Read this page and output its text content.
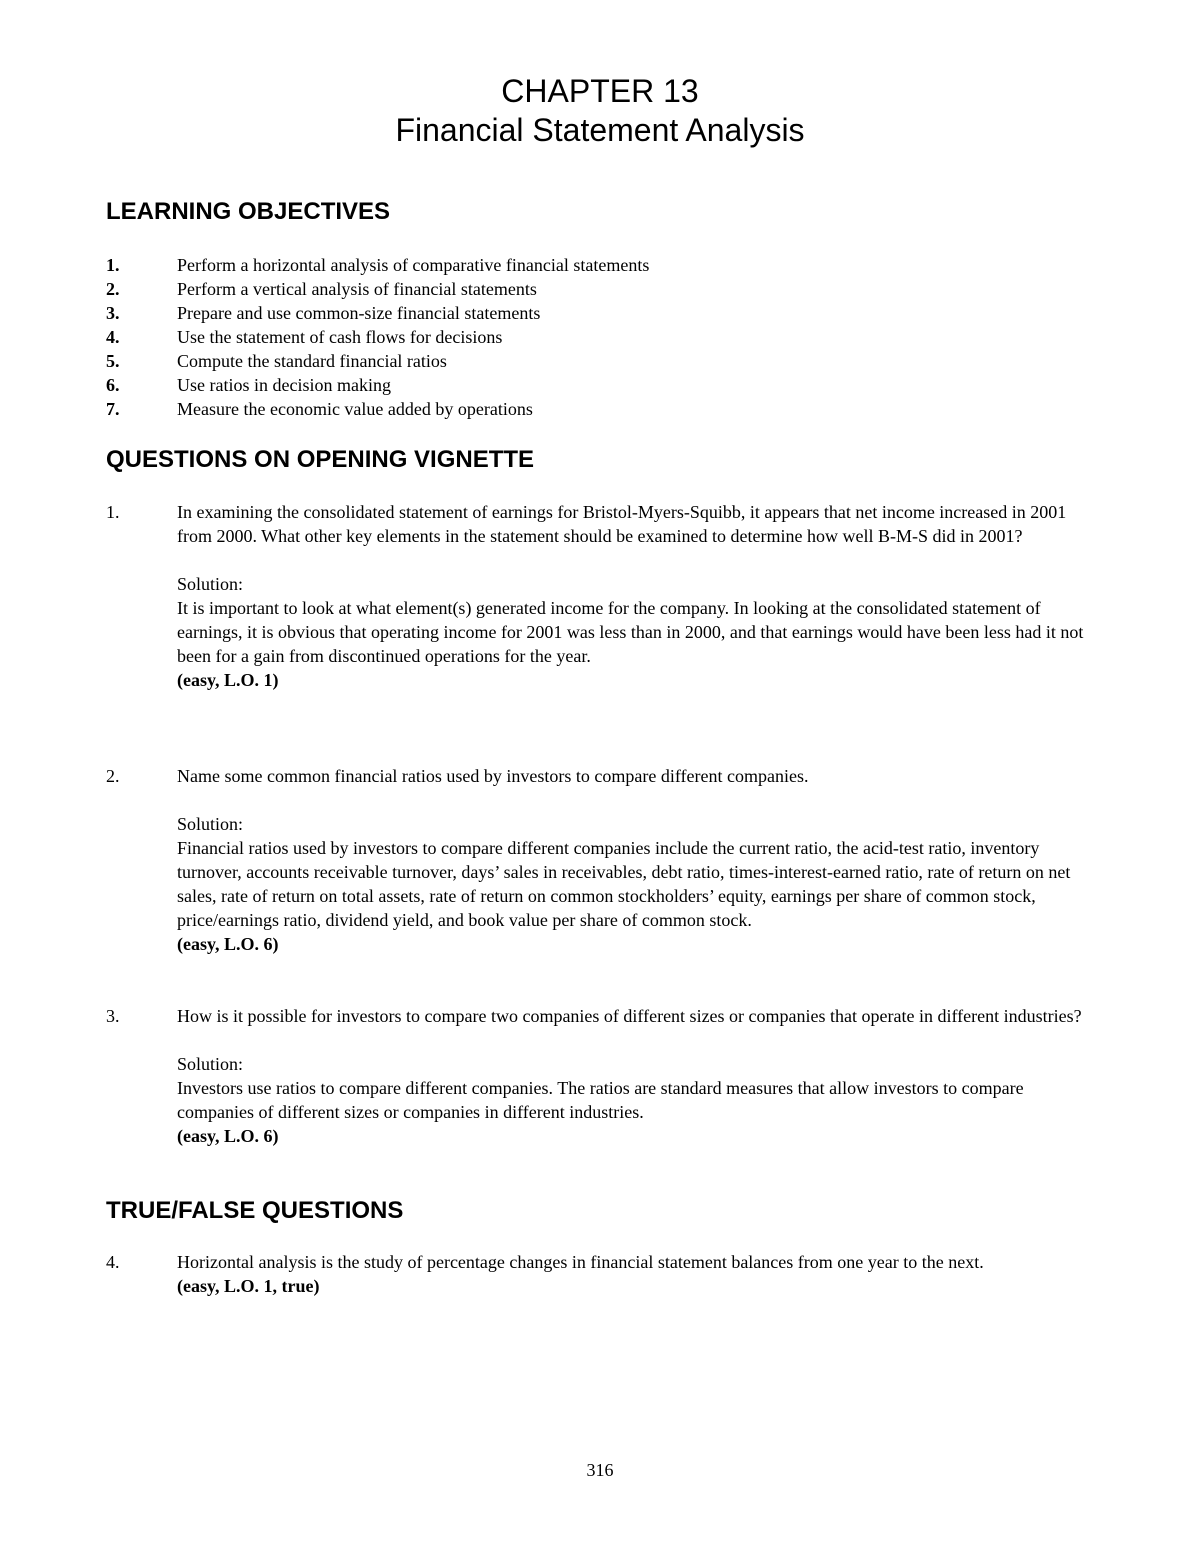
CHAPTER 13
Financial Statement Analysis
LEARNING OBJECTIVES
1.	Perform a horizontal analysis of comparative financial statements
2.	Perform a vertical analysis of financial statements
3.	Prepare and use common-size financial statements
4.	Use the statement of cash flows for decisions
5.	Compute the standard financial ratios
6.	Use ratios in decision making
7.	Measure the economic value added by operations
QUESTIONS ON OPENING VIGNETTE
1.	In examining the consolidated statement of earnings for Bristol-Myers-Squibb, it appears that net income increased in 2001 from 2000. What other key elements in the statement should be examined to determine how well B-M-S did in 2001?

Solution:

It is important to look at what element(s) generated income for the company. In looking at the consolidated statement of earnings, it is obvious that operating income for 2001 was less than in 2000, and that earnings would have been less had it not been for a gain from discontinued operations for the year.

(easy, L.O. 1)

2.	Name some common financial ratios used by investors to compare different companies.

Solution:

Financial ratios used by investors to compare different companies include the current ratio, the acid-test ratio, inventory turnover, accounts receivable turnover, days’ sales in receivables, debt ratio, times-interest-earned ratio, rate of return on net sales, rate of return on total assets, rate of return on common stockholders’ equity, earnings per share of common stock, price/earnings ratio, dividend yield, and book value per share of common stock.

(easy, L.O. 6)

3.	How is it possible for investors to compare two companies of different sizes or companies that operate in different industries?

Solution:

Investors use ratios to compare different companies. The ratios are standard measures that allow investors to compare companies of different sizes or companies in different industries.

(easy, L.O. 6)

TRUE/FALSE QUESTIONS
4.	Horizontal analysis is the study of percentage changes in financial statement balances from one year to the next.

(easy, L.O. 1, true)

316
